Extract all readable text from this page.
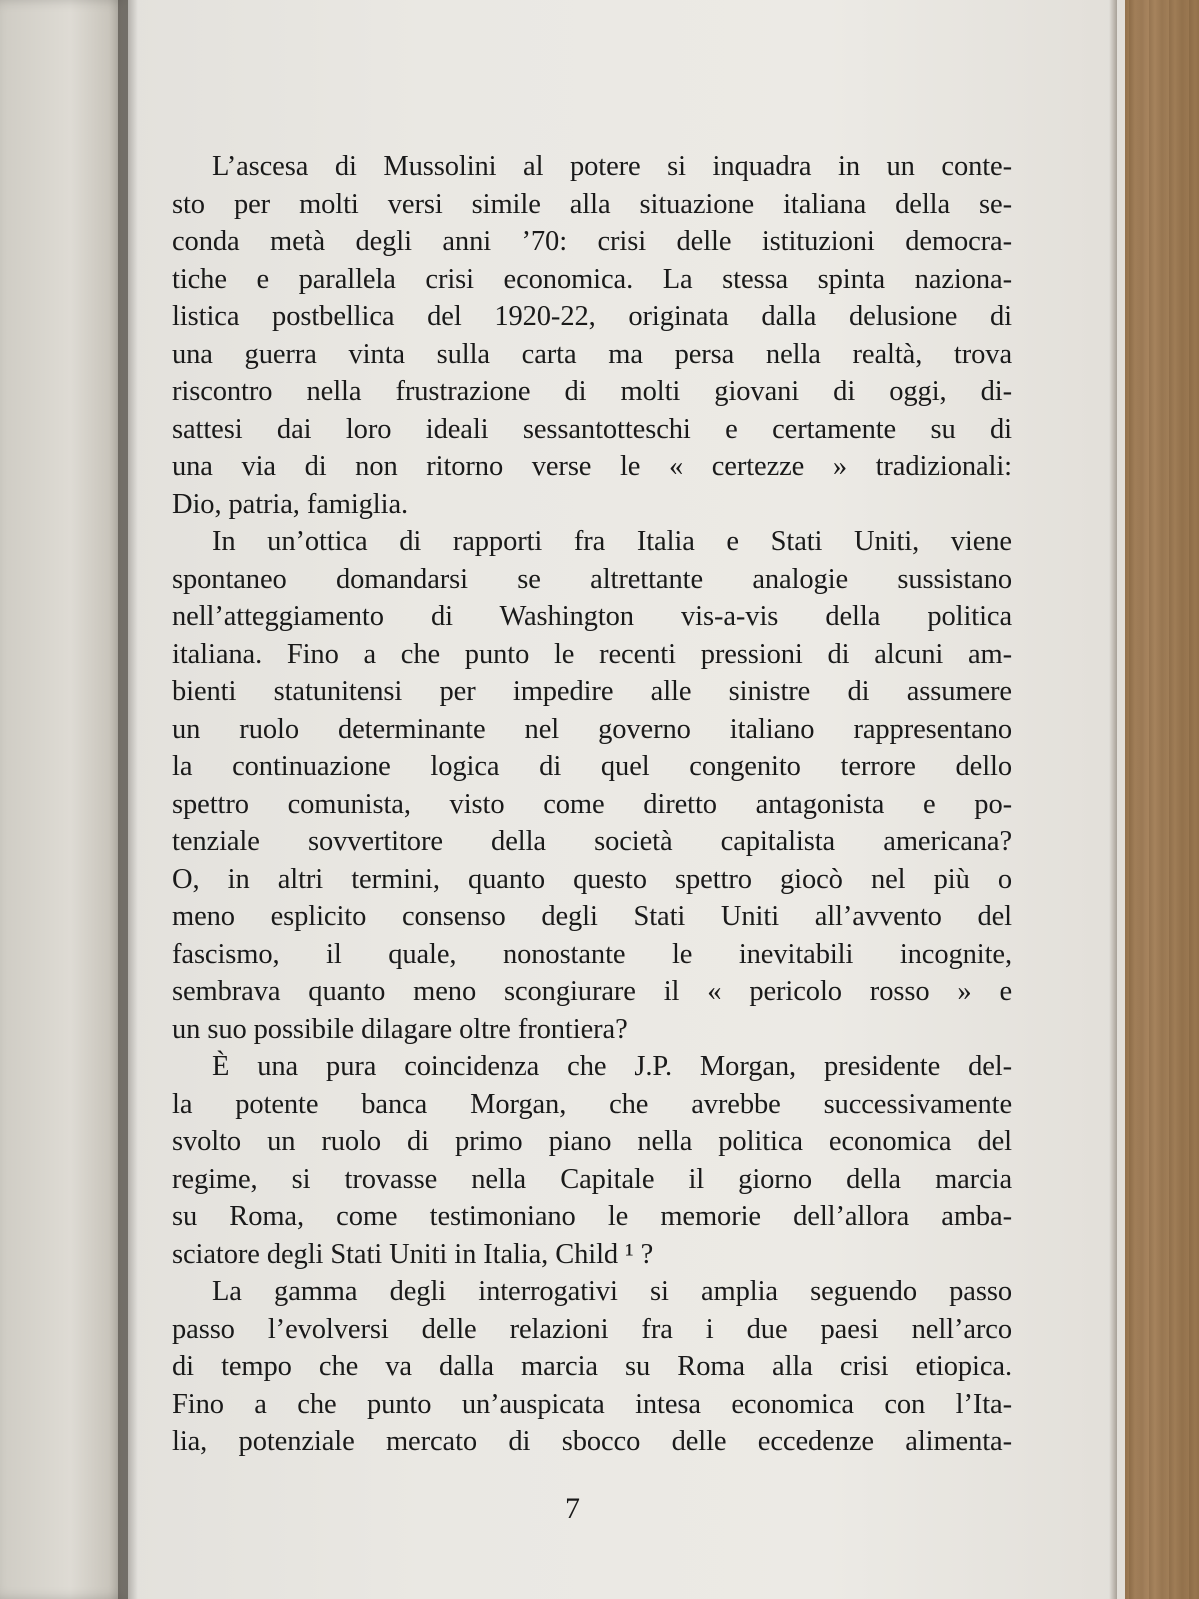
L’ascesa di Mussolini al potere si inquadra in un conte-
sto per molti versi simile alla situazione italiana della se-
conda metà degli anni ’70: crisi delle istituzioni democra-
tiche e parallela crisi economica. La stessa spinta naziona-
listica postbellica del 1920-22, originata dalla delusione di
una guerra vinta sulla carta ma persa nella realtà, trova
riscontro nella frustrazione di molti giovani di oggi, di-
sattesi dai loro ideali sessantotteschi e certamente su di
una via di non ritorno verse le « certezze » tradizionali:
Dio, patria, famiglia.
In un’ottica di rapporti fra Italia e Stati Uniti, viene
spontaneo domandarsi se altrettante analogie sussistano
nell’atteggiamento di Washington vis-a-vis della politica
italiana. Fino a che punto le recenti pressioni di alcuni am-
bienti statunitensi per impedire alle sinistre di assumere
un ruolo determinante nel governo italiano rappresentano
la continuazione logica di quel congenito terrore dello
spettro comunista, visto come diretto antagonista e po-
tenziale sovvertitore della società capitalista americana?
O, in altri termini, quanto questo spettro giocò nel più o
meno esplicito consenso degli Stati Uniti all’avvento del
fascismo, il quale, nonostante le inevitabili incognite,
sembrava quanto meno scongiurare il « pericolo rosso » e
un suo possibile dilagare oltre frontiera?
È una pura coincidenza che J.P. Morgan, presidente del-
la potente banca Morgan, che avrebbe successivamente
svolto un ruolo di primo piano nella politica economica del
regime, si trovasse nella Capitale il giorno della marcia
su Roma, come testimoniano le memorie dell’allora amba-
sciatore degli Stati Uniti in Italia, Child ¹ ?
La gamma degli interrogativi si amplia seguendo passo
passo l’evolversi delle relazioni fra i due paesi nell’arco
di tempo che va dalla marcia su Roma alla crisi etiopica.
Fino a che punto un’auspicata intesa economica con l’Ita-
lia, potenziale mercato di sbocco delle eccedenze alimenta-
7
